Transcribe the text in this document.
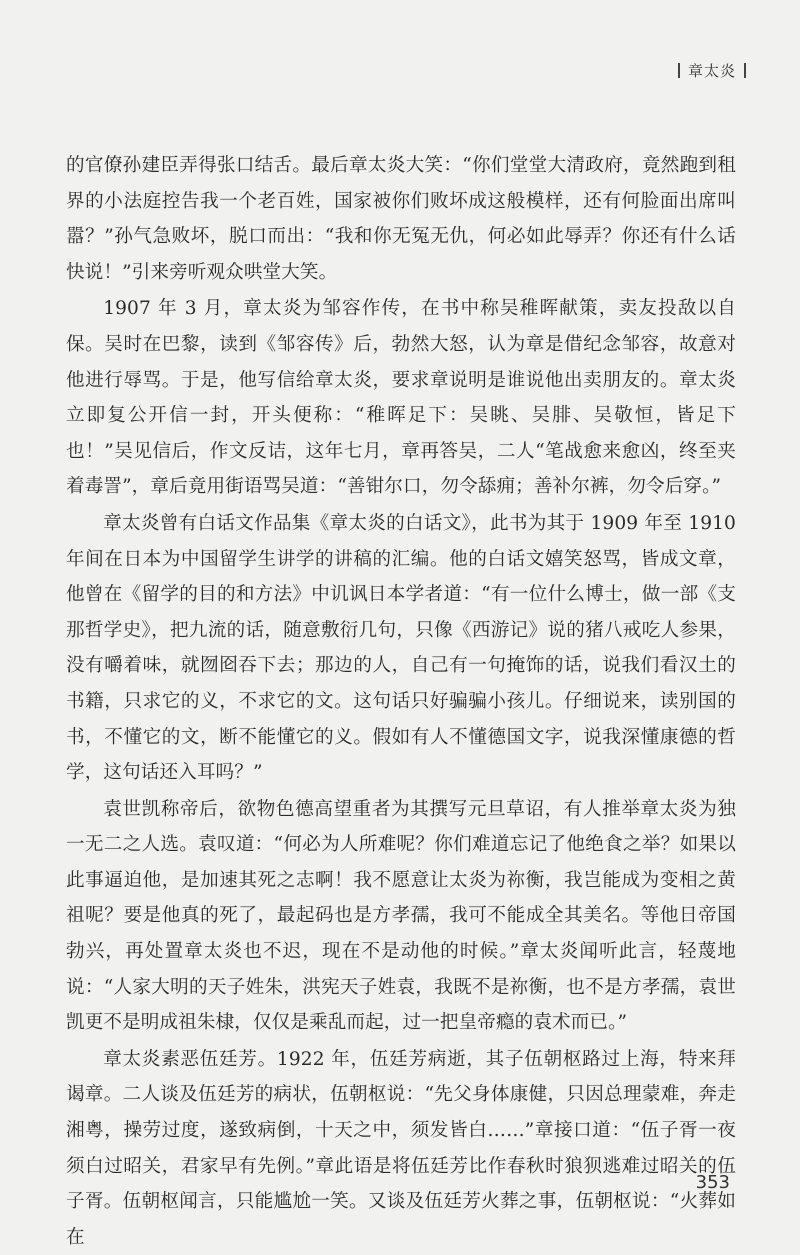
章太炎

的官僚孙建臣弄得张口结舌。最后章太炎大笑：“你们堂堂大清政府，竟然跑到租界的小法庭控告我一个老百姓，国家被你们败坏成这般模样，还有何脸面出席叫嚣？”孙气急败坏，脱口而出：“我和你无冤无仇，何必如此辱弄？你还有什么话快说！”引来旁听观众哄堂大笑。

1907 年 3 月，章太炎为邹容作传，在书中称吴稚晖献策，卖友投敌以自保。吴时在巴黎，读到《邹容传》后，勃然大怒，认为章是借纪念邹容，故意对他进行辱骂。于是，他写信给章太炎，要求章说明是谁说他出卖朋友的。章太炎立即复公开信一封，开头便称：“稚晖足下：吴眺、吴腓、吴敬恒，皆足下也！”吴见信后，作文反诘，这年七月，章再答吴，二人“笔战愈来愈凶，终至夹着毒詈”，章后竟用街语骂吴道：“善钳尔口，勿令舔痈；善补尔裤，勿令后穿。”

章太炎曾有白话文作品集《章太炎的白话文》，此书为其于 1909 年至 1910 年间在日本为中国留学生讲学的讲稿的汇编。他的白话文嬉笑怒骂，皆成文章，他曾在《留学的目的和方法》中讥讽日本学者道：“有一位什么博士，做一部《支那哲学史》，把九流的话，随意敷衍几句，只像《西游记》说的猪八戒吃人参果，没有嚼着味，就囫囵吞下去；那边的人，自己有一句掩饰的话，说我们看汉土的书籍，只求它的义，不求它的文。这句话只好骗骗小孩儿。仔细说来，读别国的书，不懂它的文，断不能懂它的义。假如有人不懂德国文字，说我深懂康德的哲学，这句话还入耳吗？”

袁世凯称帝后，欲物色德高望重者为其撰写元旦草诏，有人推举章太炎为独一无二之人选。袁叹道：“何必为人所难呢？你们难道忘记了他绝食之举？如果以此事逼迫他，是加速其死之志啊！我不愿意让太炎为祢衡，我岂能成为变相之黄祖呢？要是他真的死了，最起码也是方孝孺，我可不能成全其美名。等他日帝国勃兴，再处置章太炎也不迟，现在不是动他的时候。”章太炎闻听此言，轻蔑地说：“人家大明的天子姓朱，洪宪天子姓袁，我既不是祢衡，也不是方孝孺，袁世凯更不是明成祖朱棣，仅仅是乘乱而起，过一把皇帝瘾的袁术而已。”

章太炎素恶伍廷芳。1922 年，伍廷芳病逝，其子伍朝枢路过上海，特来拜谒章。二人谈及伍廷芳的病状，伍朝枢说：“先父身体康健，只因总理蒙难，奔走湘粤，操劳过度，遂致病倒，十天之中，须发皆白……”章接口道：“伍子胥一夜须白过昭关，君家早有先例。”章此语是将伍廷芳比作春秋时狼狈逃难过昭关的伍子胥。伍朝枢闻言，只能尴尬一笑。又谈及伍廷芳火葬之事，伍朝枢说：“火葬如在

353
